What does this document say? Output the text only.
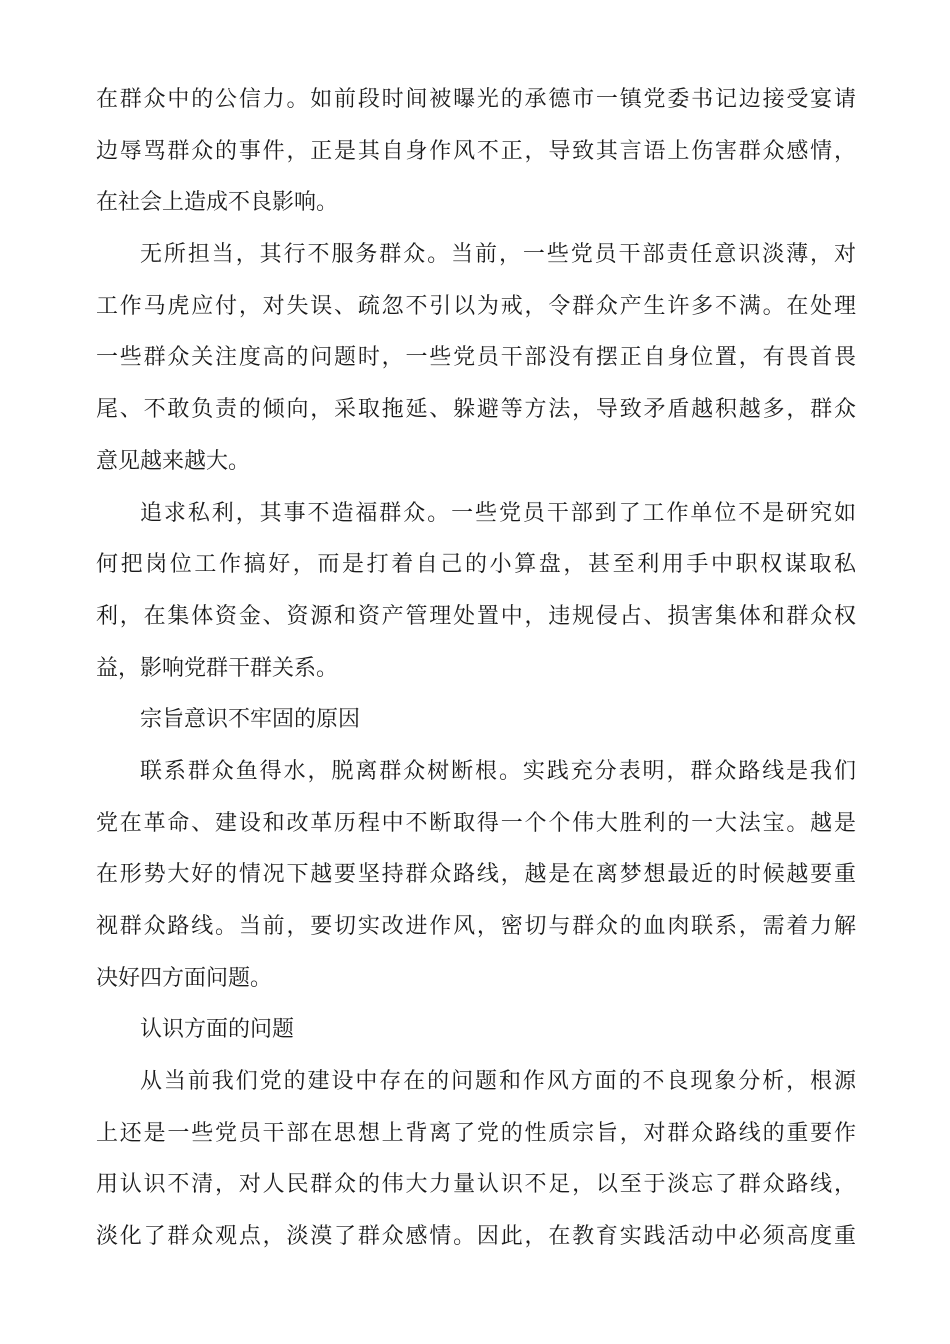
在群众中的公信力。如前段时间被曝光的承德市一镇党委书记边接受宴请
边辱骂群众的事件，正是其自身作风不正，导致其言语上伤害群众感情，
在社会上造成不良影响。
无所担当，其行不服务群众。当前，一些党员干部责任意识淡薄，对
工作马虎应付，对失误、疏忽不引以为戒，令群众产生许多不满。在处理
一些群众关注度高的问题时，一些党员干部没有摆正自身位置，有畏首畏
尾、不敢负责的倾向，采取拖延、躲避等方法，导致矛盾越积越多，群众
意见越来越大。
追求私利，其事不造福群众。一些党员干部到了工作单位不是研究如
何把岗位工作搞好，而是打着自己的小算盘，甚至利用手中职权谋取私
利，在集体资金、资源和资产管理处置中，违规侵占、损害集体和群众权
益，影响党群干群关系。
宗旨意识不牢固的原因
联系群众鱼得水，脱离群众树断根。实践充分表明，群众路线是我们
党在革命、建设和改革历程中不断取得一个个伟大胜利的一大法宝。越是
在形势大好的情况下越要坚持群众路线，越是在离梦想最近的时候越要重
视群众路线。当前，要切实改进作风，密切与群众的血肉联系，需着力解
决好四方面问题。
认识方面的问题
从当前我们党的建设中存在的问题和作风方面的不良现象分析，根源
上还是一些党员干部在思想上背离了党的性质宗旨，对群众路线的重要作
用认识不清，对人民群众的伟大力量认识不足，以至于淡忘了群众路线，
淡化了群众观点，淡漠了群众感情。因此，在教育实践活动中必须高度重
